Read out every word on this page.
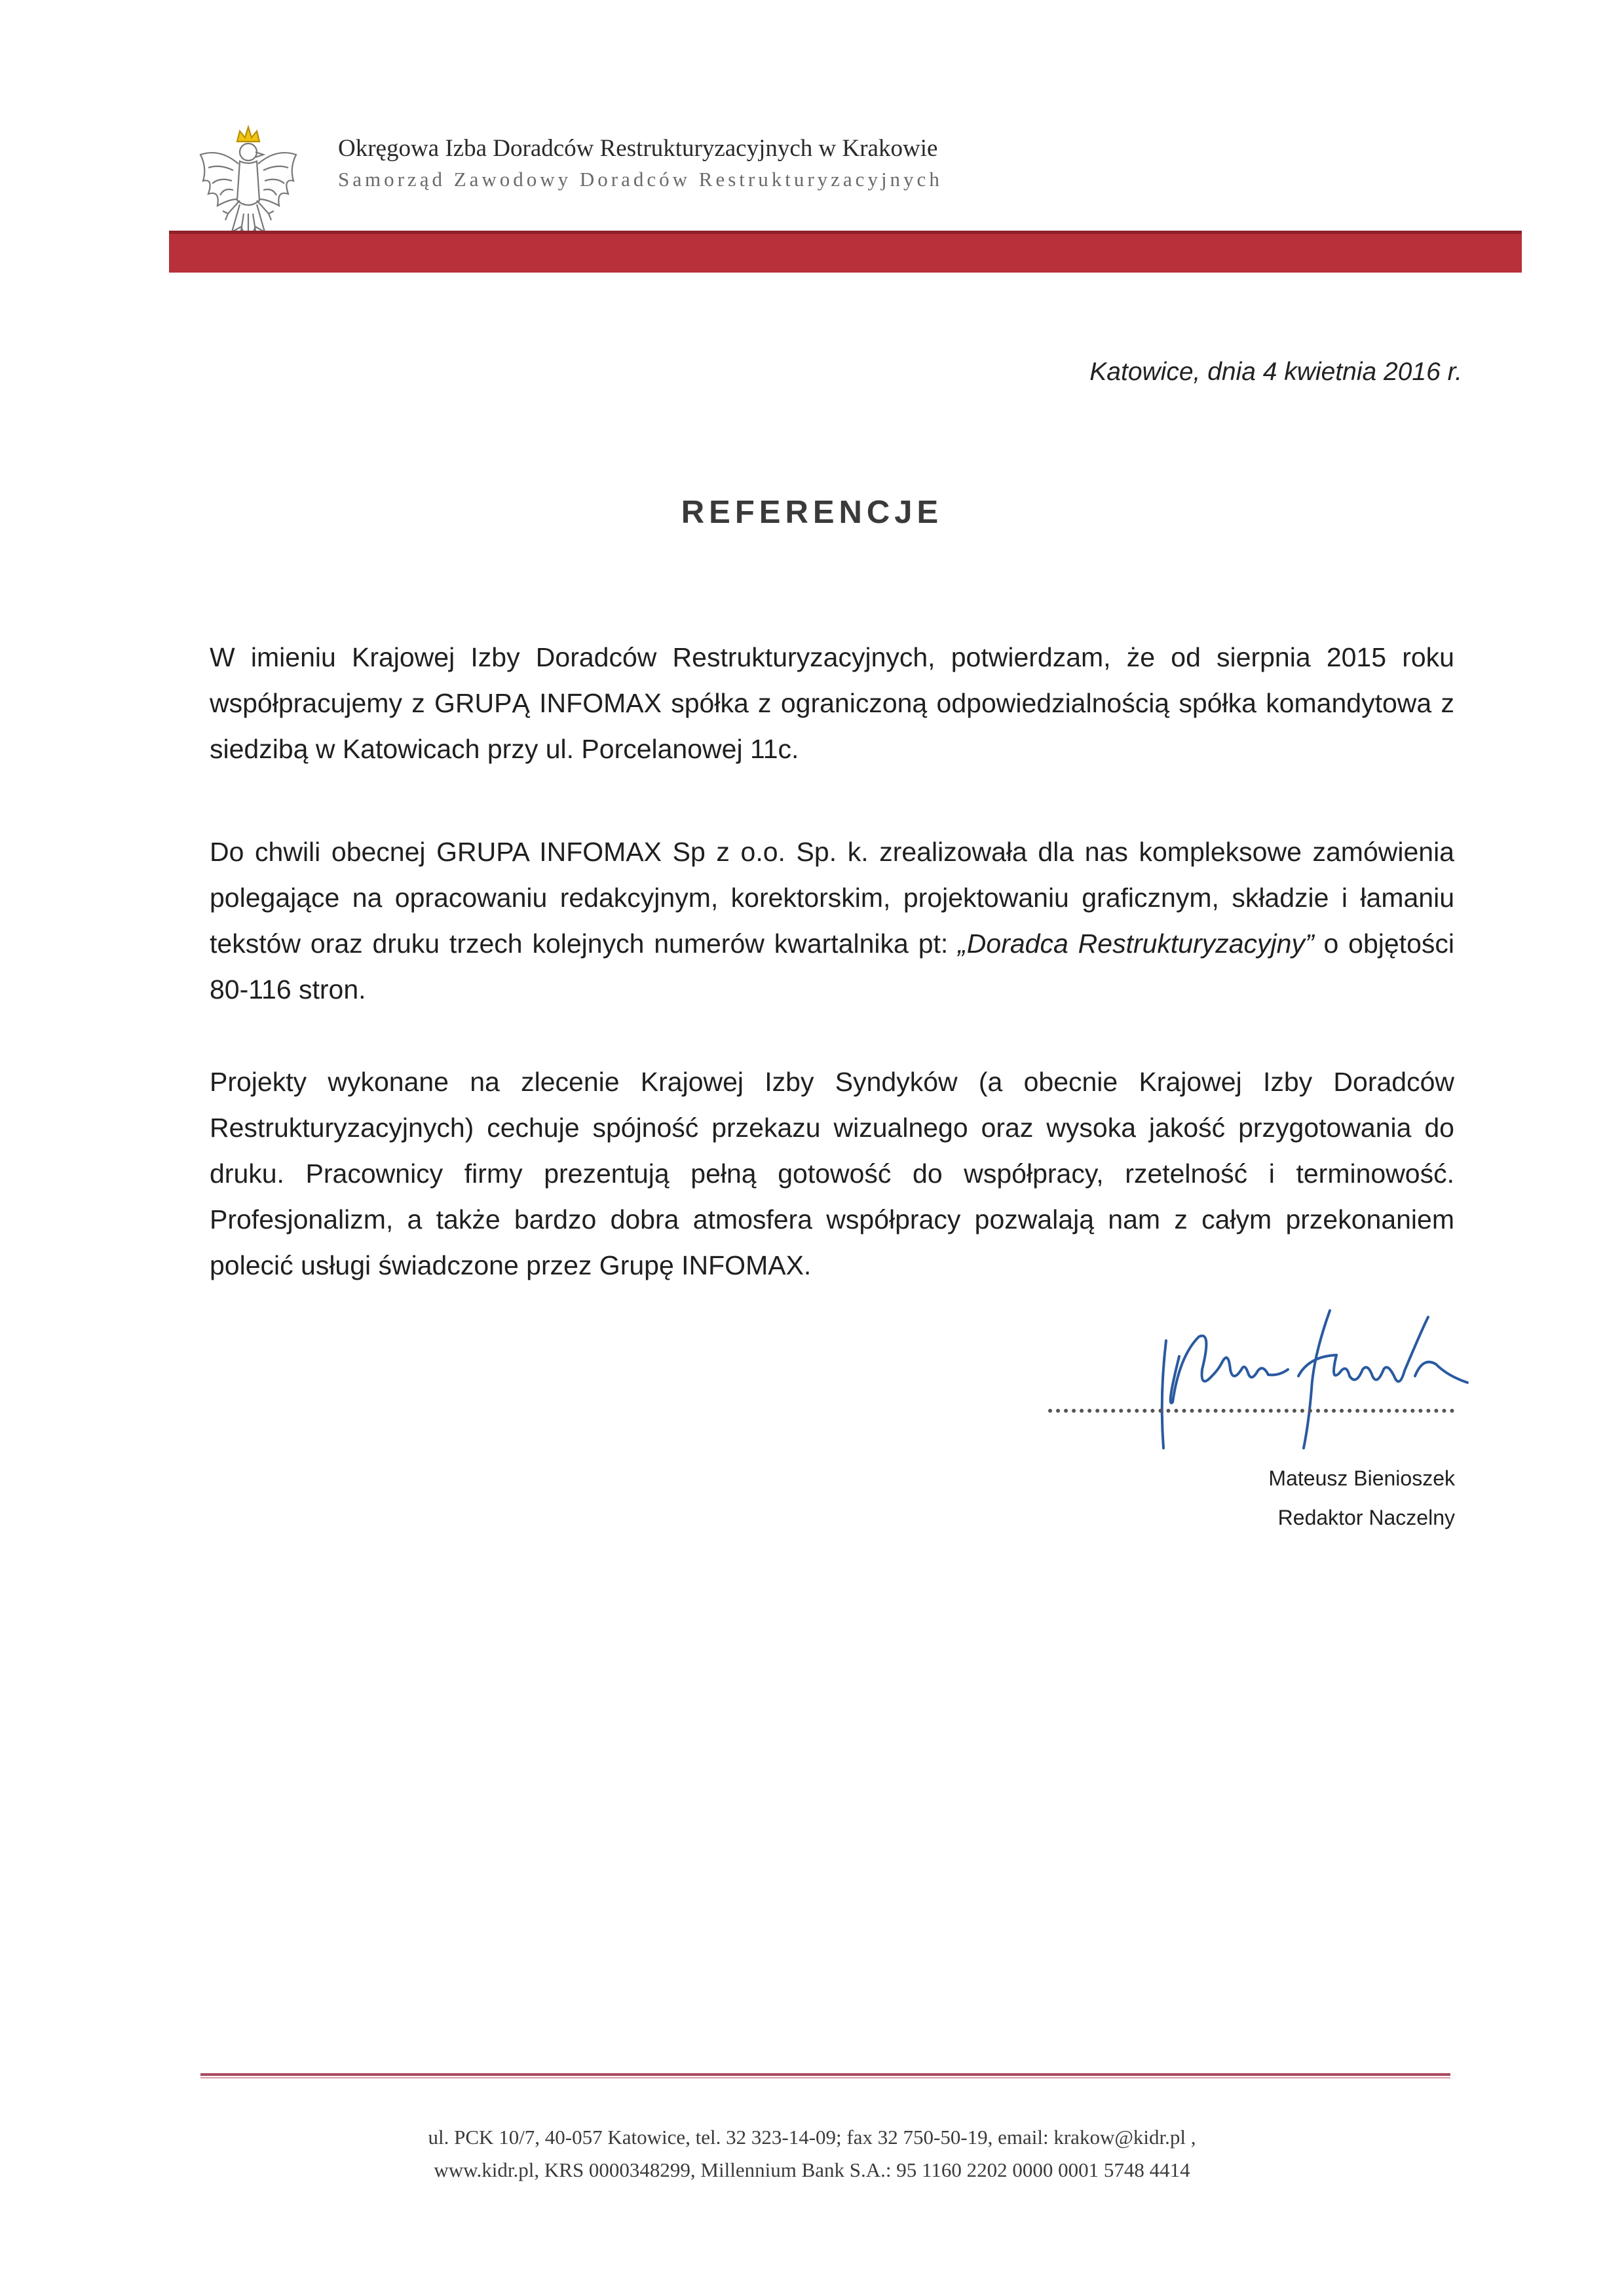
Okręgowa Izba Doradców Restrukturyzacyjnych w Krakowie
Samorząd Zawodowy Doradców Restrukturyzacyjnych
Katowice, dnia 4 kwietnia 2016 r.
REFERENCJE
W imieniu Krajowej Izby Doradców Restrukturyzacyjnych, potwierdzam, że od sierpnia 2015 roku współpracujemy z GRUPĄ INFOMAX spółka z ograniczoną odpowiedzialnością spółka komandytowa z siedzibą w Katowicach przy ul. Porcelanowej 11c.
Do chwili obecnej GRUPA INFOMAX Sp z o.o. Sp. k. zrealizowała dla nas kompleksowe zamówienia polegające na opracowaniu redakcyjnym, korektorskim, projektowaniu graficznym, składzie i łamaniu tekstów oraz druku trzech kolejnych numerów kwartalnika pt: „Doradca Restrukturyzacyjny” o objętości 80-116 stron.
Projekty wykonane na zlecenie Krajowej Izby Syndyków (a obecnie Krajowej Izby Doradców Restrukturyzacyjnych) cechuje spójność przekazu wizualnego oraz wysoka jakość przygotowania do druku. Pracownicy firmy prezentują pełną gotowość do współpracy, rzetelność i terminowość. Profesjonalizm, a także bardzo dobra atmosfera współpracy pozwalają nam z całym przekonaniem polecić usługi świadczone przez Grupę INFOMAX.
Mateusz Bienioszek
Redaktor Naczelny
ul. PCK 10/7, 40-057 Katowice, tel. 32 323-14-09; fax 32 750-50-19, email: krakow@kidr.pl ,
www.kidr.pl, KRS 0000348299, Millennium Bank S.A.: 95 1160 2202 0000 0001 5748 4414
